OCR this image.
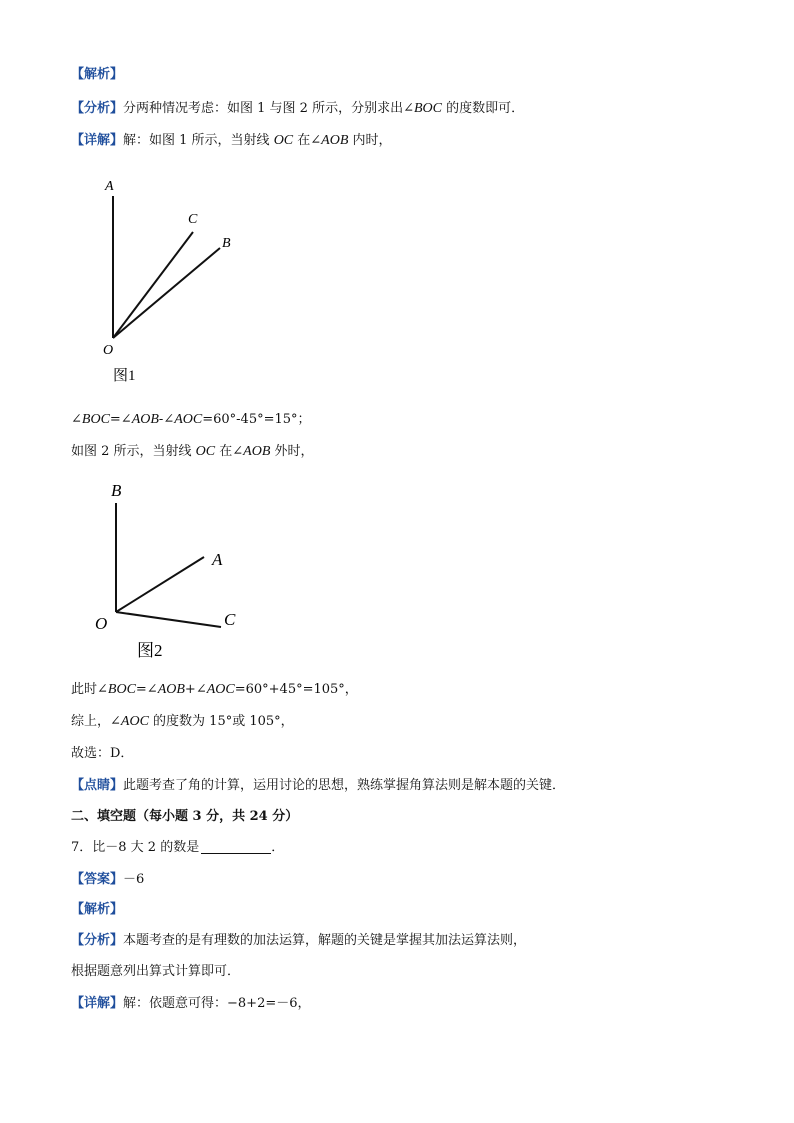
【解析】
【分析】分两种情况考虑：如图 1 与图 2 所示，分别求出∠BOC 的度数即可．
【详解】解：如图 1 所示，当射线 OC 在∠AOB 内时，
A
C
B
O
图1
∠BOC=∠AOB-∠AOC=60°-45°=15°；
如图 2 所示，当射线 OC 在∠AOB 外时，
B
A
O	C
图2
此时∠BOC=∠AOB+∠AOC=60°+45°=105°，
综上，∠AOC 的度数为 15°或 105°，
故选：D．
【点睛】此题考查了角的计算，运用讨论的思想，熟练掌握角算法则是解本题的关键．
二、填空题（每小题 3 分，共 24 分）
7．比－8 大 2 的数是	．
【答案】－6
【解析】
【分析】本题考查的是有理数的加法运算，解题的关键是掌握其加法运算法则，
根据题意列出算式计算即可．
【详解】解：依题意可得：−8+2=－6，
